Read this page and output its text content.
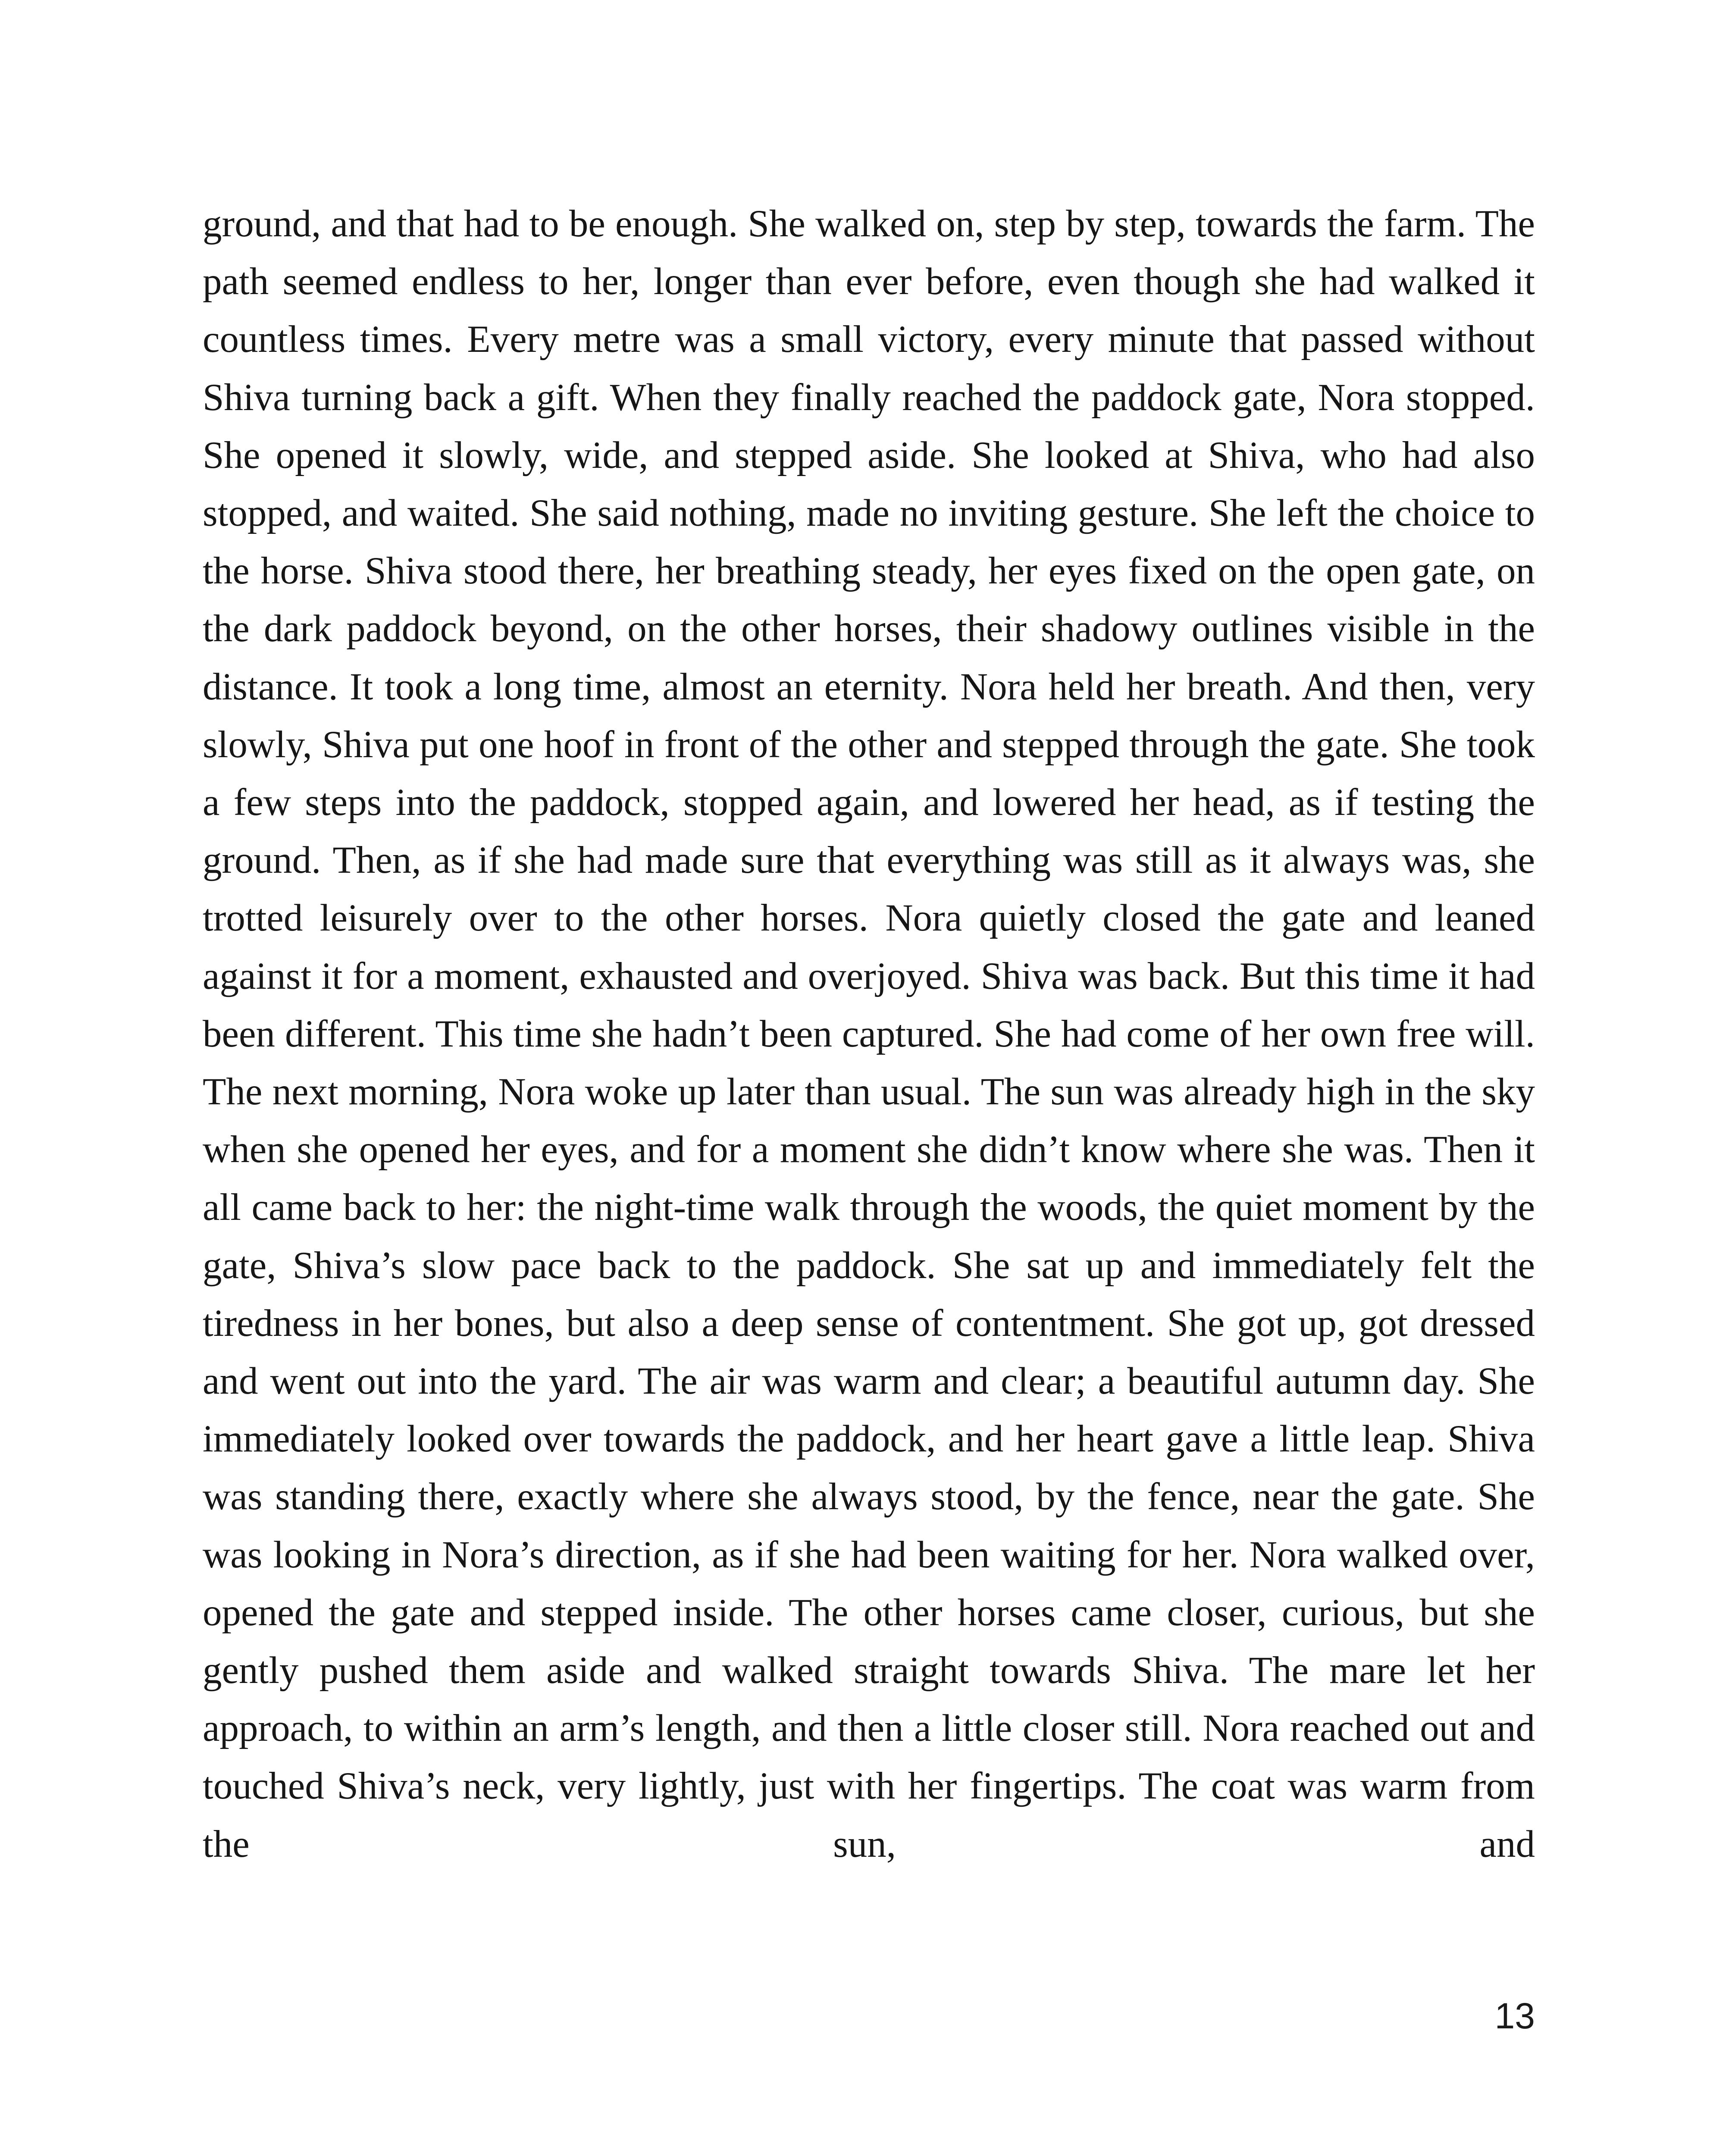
ground, and that had to be enough. She walked on, step by step, towards the farm. The path seemed endless to her, longer than ever before, even though she had walked it countless times. Every metre was a small victory, every minute that passed without Shiva turning back a gift. When they finally reached the paddock gate, Nora stopped. She opened it slowly, wide, and stepped aside. She looked at Shiva, who had also stopped, and waited. She said nothing, made no inviting gesture. She left the choice to the horse. Shiva stood there, her breathing steady, her eyes fixed on the open gate, on the dark paddock beyond, on the other horses, their shadowy outlines visible in the distance. It took a long time, almost an eternity. Nora held her breath. And then, very slowly, Shiva put one hoof in front of the other and stepped through the gate. She took a few steps into the paddock, stopped again, and lowered her head, as if testing the ground. Then, as if she had made sure that everything was still as it always was, she trotted leisurely over to the other horses. Nora quietly closed the gate and leaned against it for a moment, exhausted and overjoyed. Shiva was back. But this time it had been different. This time she hadn’t been captured. She had come of her own free will. The next morning, Nora woke up later than usual. The sun was already high in the sky when she opened her eyes, and for a moment she didn’t know where she was. Then it all came back to her: the night-time walk through the woods, the quiet moment by the gate, Shiva’s slow pace back to the paddock. She sat up and immediately felt the tiredness in her bones, but also a deep sense of contentment. She got up, got dressed and went out into the yard. The air was warm and clear; a beautiful autumn day. She immediately looked over towards the paddock, and her heart gave a little leap. Shiva was standing there, exactly where she always stood, by the fence, near the gate. She was looking in Nora’s direction, as if she had been waiting for her. Nora walked over, opened the gate and stepped inside. The other horses came closer, curious, but she gently pushed them aside and walked straight towards Shiva. The mare let her approach, to within an arm’s length, and then a little closer still. Nora reached out and touched Shiva’s neck, very lightly, just with her fingertips. The coat was warm from the sun, and

13
